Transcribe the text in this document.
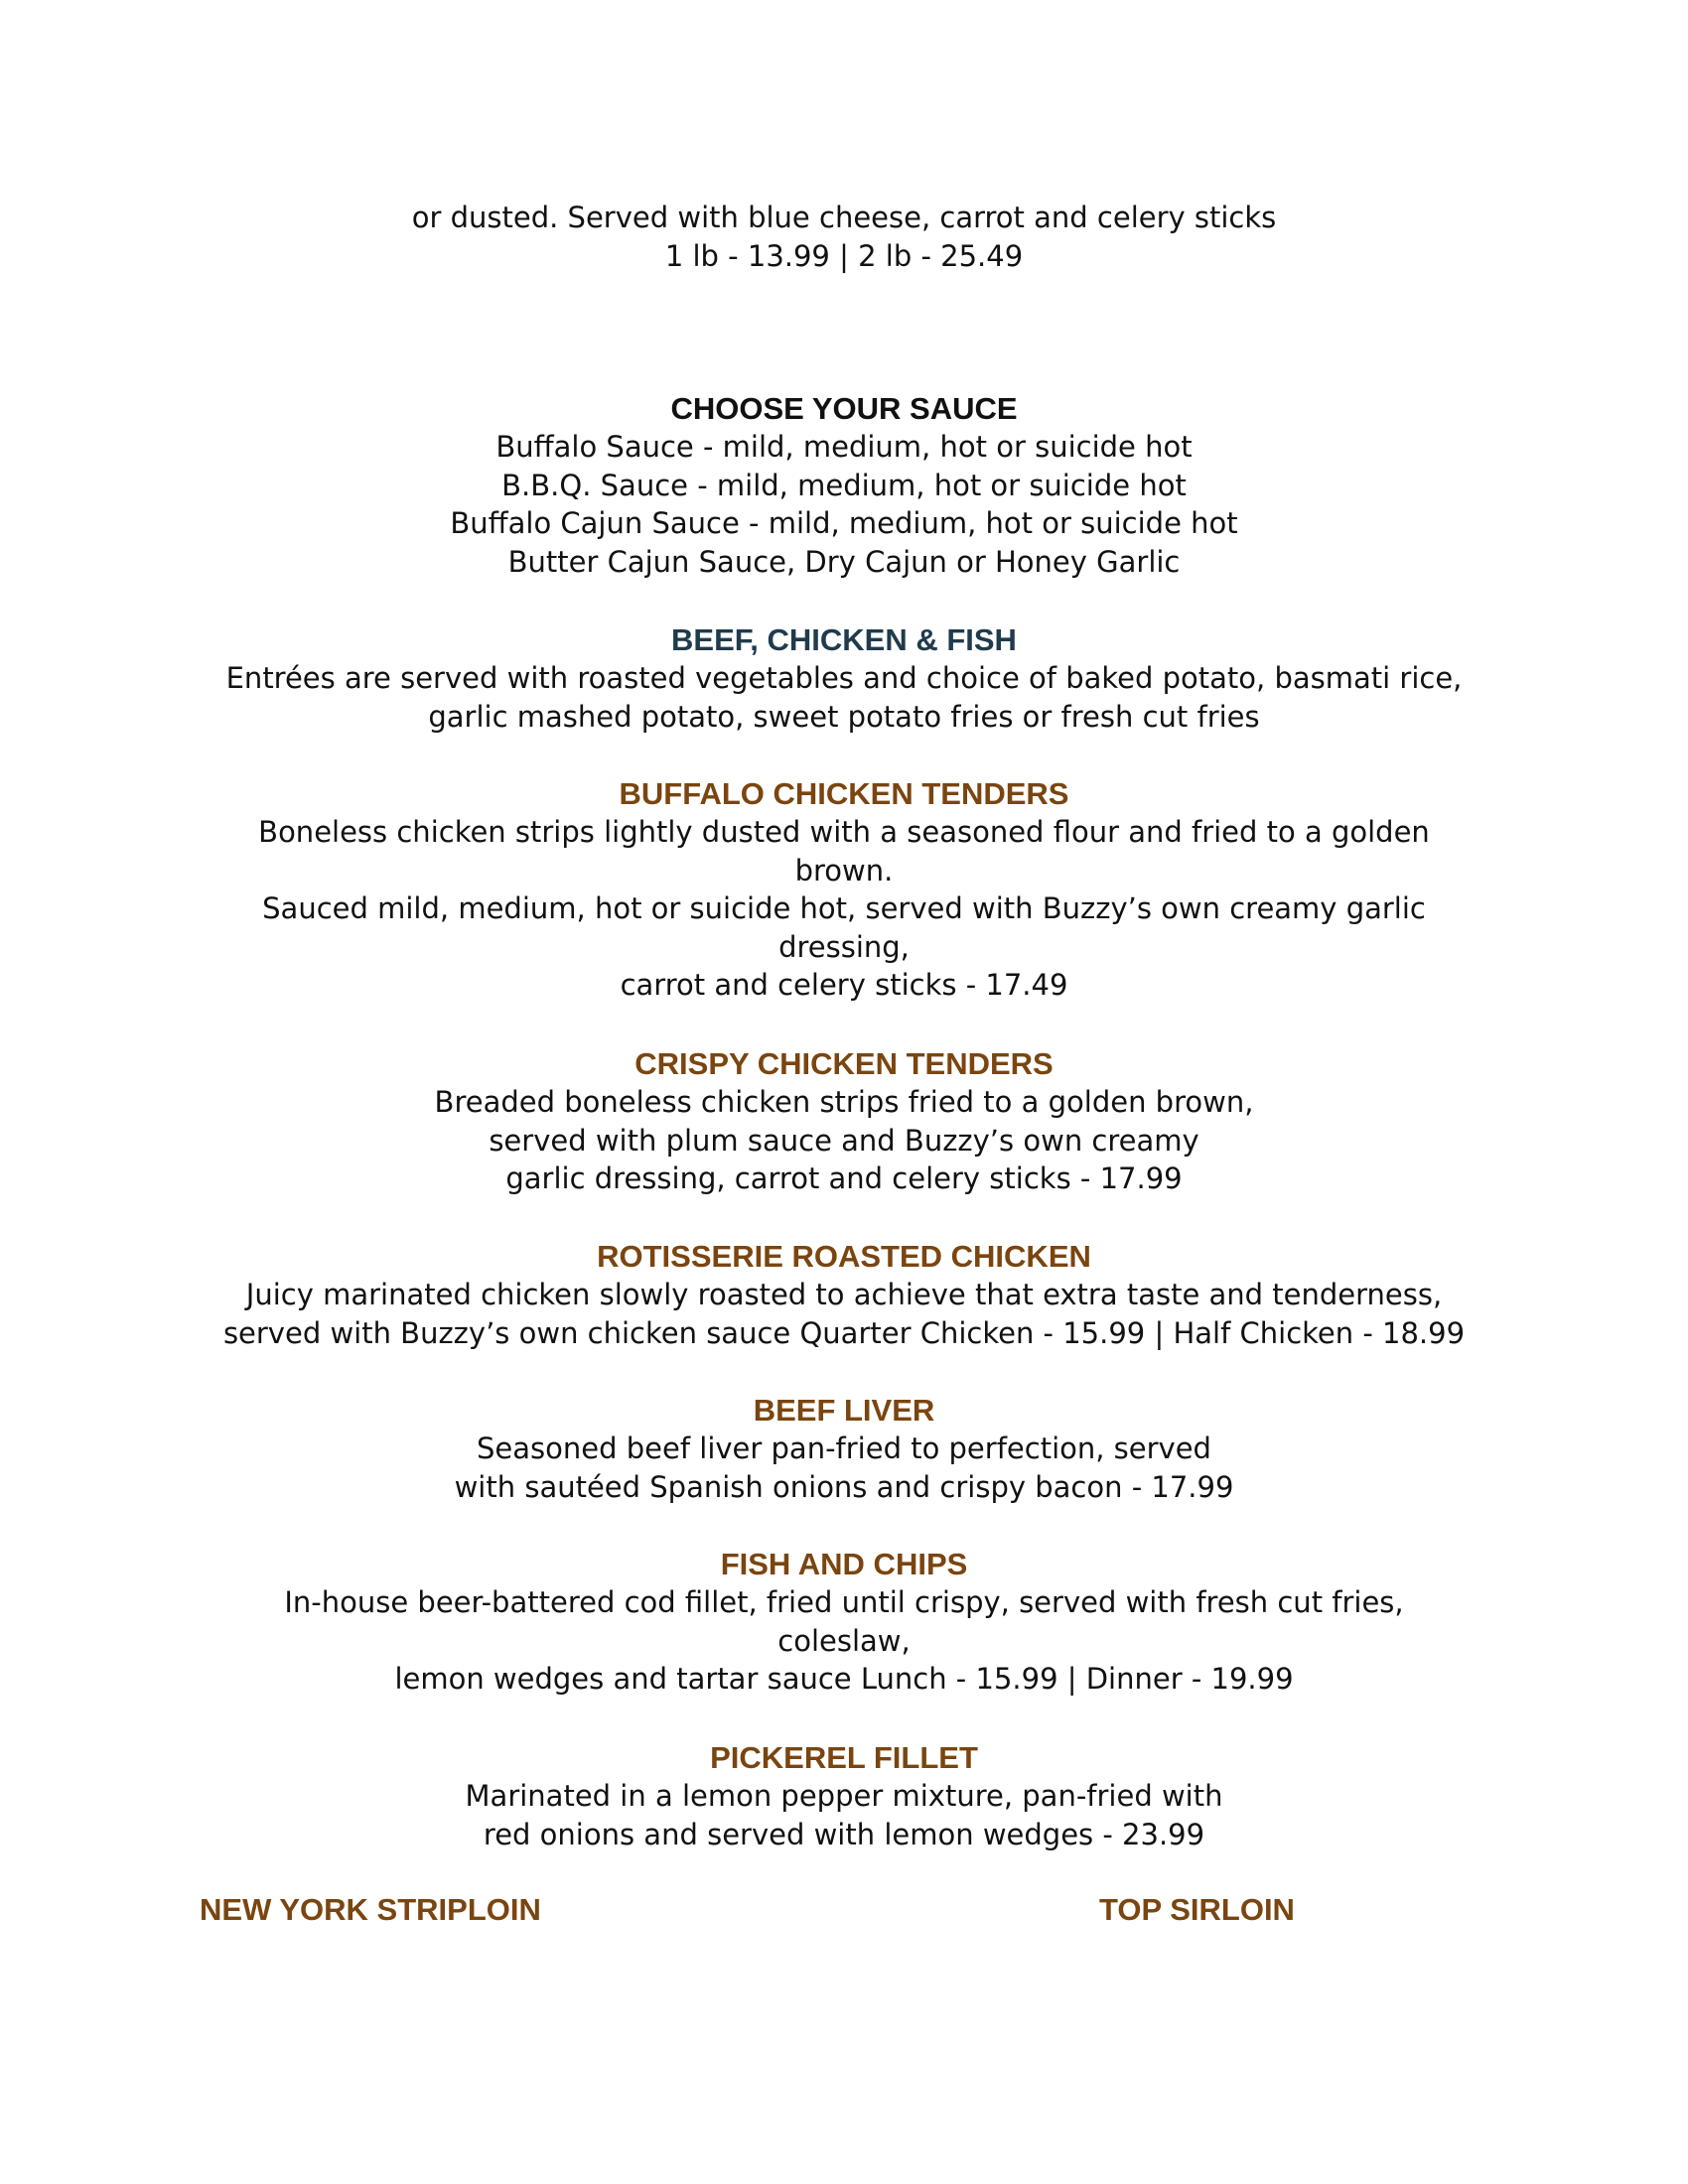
or dusted. Served with blue cheese, carrot and celery sticks

1 lb - 13.99 | 2 lb - 25.49

CHOOSE YOUR SAUCE

Buffalo Sauce - mild, medium, hot or suicide hot

B.B.Q. Sauce - mild, medium, hot or suicide hot

Buffalo Cajun Sauce - mild, medium, hot or suicide hot

Butter Cajun Sauce, Dry Cajun or Honey Garlic

BEEF, CHICKEN & FISH

Entrées are served with roasted vegetables and choice of baked potato, basmati rice,

garlic mashed potato, sweet potato fries or fresh cut fries

BUFFALO CHICKEN TENDERS

Boneless chicken strips lightly dusted with a seasoned flour and fried to a golden

brown.

Sauced mild, medium, hot or suicide hot, served with Buzzy’s own creamy garlic

dressing,

carrot and celery sticks - 17.49

CRISPY CHICKEN TENDERS

Breaded boneless chicken strips fried to a golden brown,

served with plum sauce and Buzzy’s own creamy

garlic dressing, carrot and celery sticks - 17.99

ROTISSERIE ROASTED CHICKEN

Juicy marinated chicken slowly roasted to achieve that extra taste and tenderness,

served with Buzzy’s own chicken sauce Quarter Chicken - 15.99 | Half Chicken - 18.99

BEEF LIVER

Seasoned beef liver pan-fried to perfection, served

with sautéed Spanish onions and crispy bacon - 17.99

FISH AND CHIPS

In-house beer-battered cod fillet, fried until crispy, served with fresh cut fries,

coleslaw,

lemon wedges and tartar sauce Lunch - 15.99 | Dinner - 19.99

PICKEREL FILLET

Marinated in a lemon pepper mixture, pan-fried with

red onions and served with lemon wedges - 23.99

NEW YORK STRIPLOIN	TOP SIRLOIN
